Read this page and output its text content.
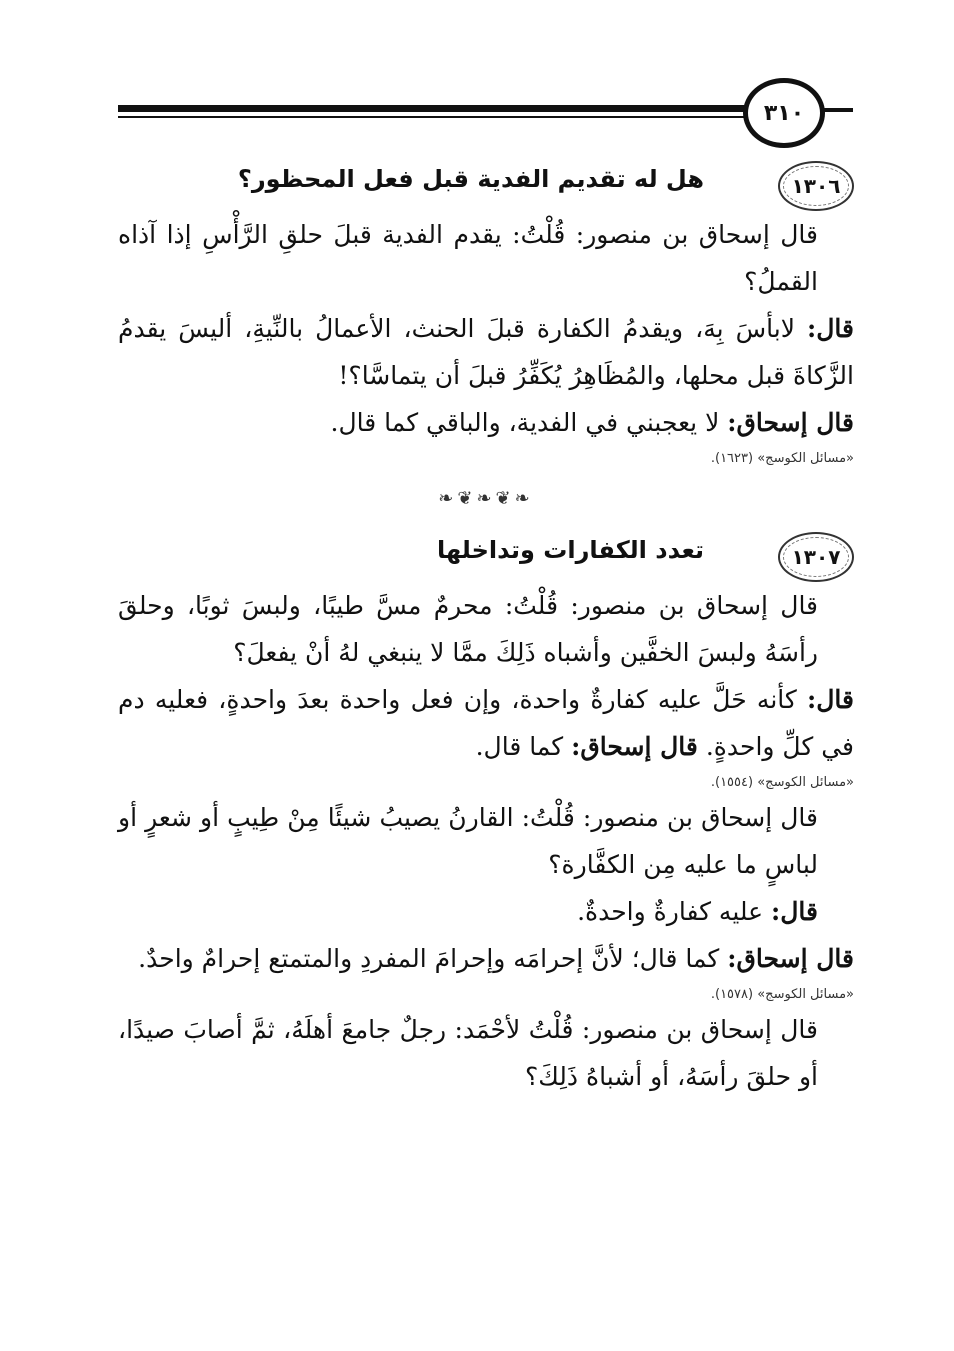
٣١٠
١٣٠٦
هل له تقديم الفدية قبل فعل المحظور؟

قال إسحاق بن منصور: قُلْتُ: يقدم الفدية قبلَ حلقِ الرَّأْسِ إذا آذاه القملُ؟

قال: لابأسَ بِهَ، ويقدمُ الكفارة قبلَ الحنث، الأعمالُ بالنِّيةِ، أليسَ يقدمُ الزَّكاةَ قبل محلها، والمُظَاهِرُ يُكَفِّرُ قبلَ أن يتماسَّا؟!

قال إسحاق: لا يعجبني في الفدية، والباقي كما قال.

«مسائل الكوسج» (١٦٢٣).

❧❦❧❦❧
١٣٠٧
تعدد الكفارات وتداخلها

قال إسحاق بن منصور: قُلْتُ: محرمٌ مسَّ طيبًا، ولبسَ ثوبًا، وحلقَ رأسَهُ ولبسَ الخفَّين وأشباه ذَلِكَ ممَّا لا ينبغي لهُ أنْ يفعلَ؟

قال: كأنه حَلَّ عليه كفارةٌ واحدة، وإن فعل واحدة بعدَ واحدةٍ، فعليه دم في كلِّ واحدةٍ. قال إسحاق: كما قال.

«مسائل الكوسج» (١٥٥٤).

قال إسحاق بن منصور: قُلْتُ: القارنُ يصيبُ شيئًا مِنْ طِيبٍ أو شعرٍ أو لباسٍ ما عليه مِن الكفَّارة؟

قال: عليه كفارةٌ واحدةٌ.

قال إسحاق: كما قال؛ لأنَّ إحرامَه وإحرامَ المفردِ والمتمتع إحرامٌ واحدٌ.

«مسائل الكوسج» (١٥٧٨).

قال إسحاق بن منصور: قُلْتُ لأحْمَد: رجلٌ جامعَ أهلَهُ، ثمَّ أصابَ صيدًا، أو حلقَ رأسَهُ، أو أشباهُ ذَلِكَ؟
